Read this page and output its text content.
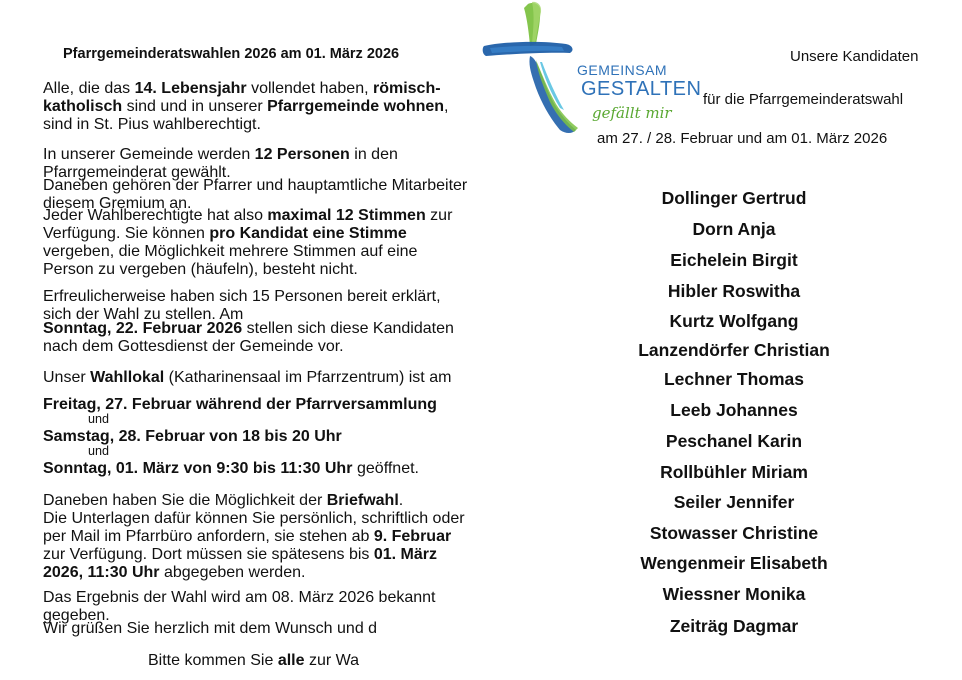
GEMEINSAM
GESTALTEN
gefällt mir
Pfarrgemeinderatswahlen 2026 am 01. März 2026
Alle, die das 14. Lebensjahr vollendet haben, römisch-katholisch sind und in unserer Pfarrgemeinde wohnen, sind in St. Pius wahlberechtigt.
In unserer Gemeinde werden 12 Personen in den Pfarrgemeinderat gewählt.
Daneben gehören der Pfarrer und hauptamtliche Mitarbeiter diesem Gremium an.
Jeder Wahlberechtigte hat also maximal 12 Stimmen zur Verfügung. Sie können pro Kandidat eine Stimme vergeben, die Möglichkeit mehrere Stimmen auf eine Person zu vergeben (häufeln), besteht nicht.
Erfreulicherweise haben sich 15 Personen bereit erklärt, sich der Wahl zu stellen. Am
Sonntag, 22. Februar 2026 stellen sich diese Kandidaten nach dem Gottesdienst der Gemeinde vor.
Unser Wahllokal (Katharinensaal im Pfarrzentrum) ist am
Freitag, 27. Februar während der Pfarrversammlung
und
Samstag, 28. Februar von 18 bis 20 Uhr
und
Sonntag, 01. März von 9:30 bis 11:30 Uhr geöffnet.
Daneben haben Sie die Möglichkeit der Briefwahl.
Die Unterlagen dafür können Sie persönlich, schriftlich oder per Mail im Pfarrbüro anfordern, sie stehen ab 9. Februar zur Verfügung. Dort müssen sie spätesens bis 01. März 2026, 11:30 Uhr abgegeben werden.
Das Ergebnis der Wahl wird am 08. März 2026 bekannt gegeben.
Wir grüßen Sie herzlich mit dem Wunsch und d
Bitte kommen Sie alle zur Wa
Unsere Kandidaten
für die Pfarrgemeinderatswahl
am 27. / 28. Februar und am 01. März 2026
Dollinger Gertrud
Dorn Anja
Eichelein Birgit
Hibler Roswitha
Kurtz Wolfgang
Lanzendörfer Christian
Lechner Thomas
Leeb Johannes
Peschanel Karin
Rollbühler Miriam
Seiler Jennifer
Stowasser Christine
Wengenmeir Elisabeth
Wiessner Monika
Zeiträg Dagmar
